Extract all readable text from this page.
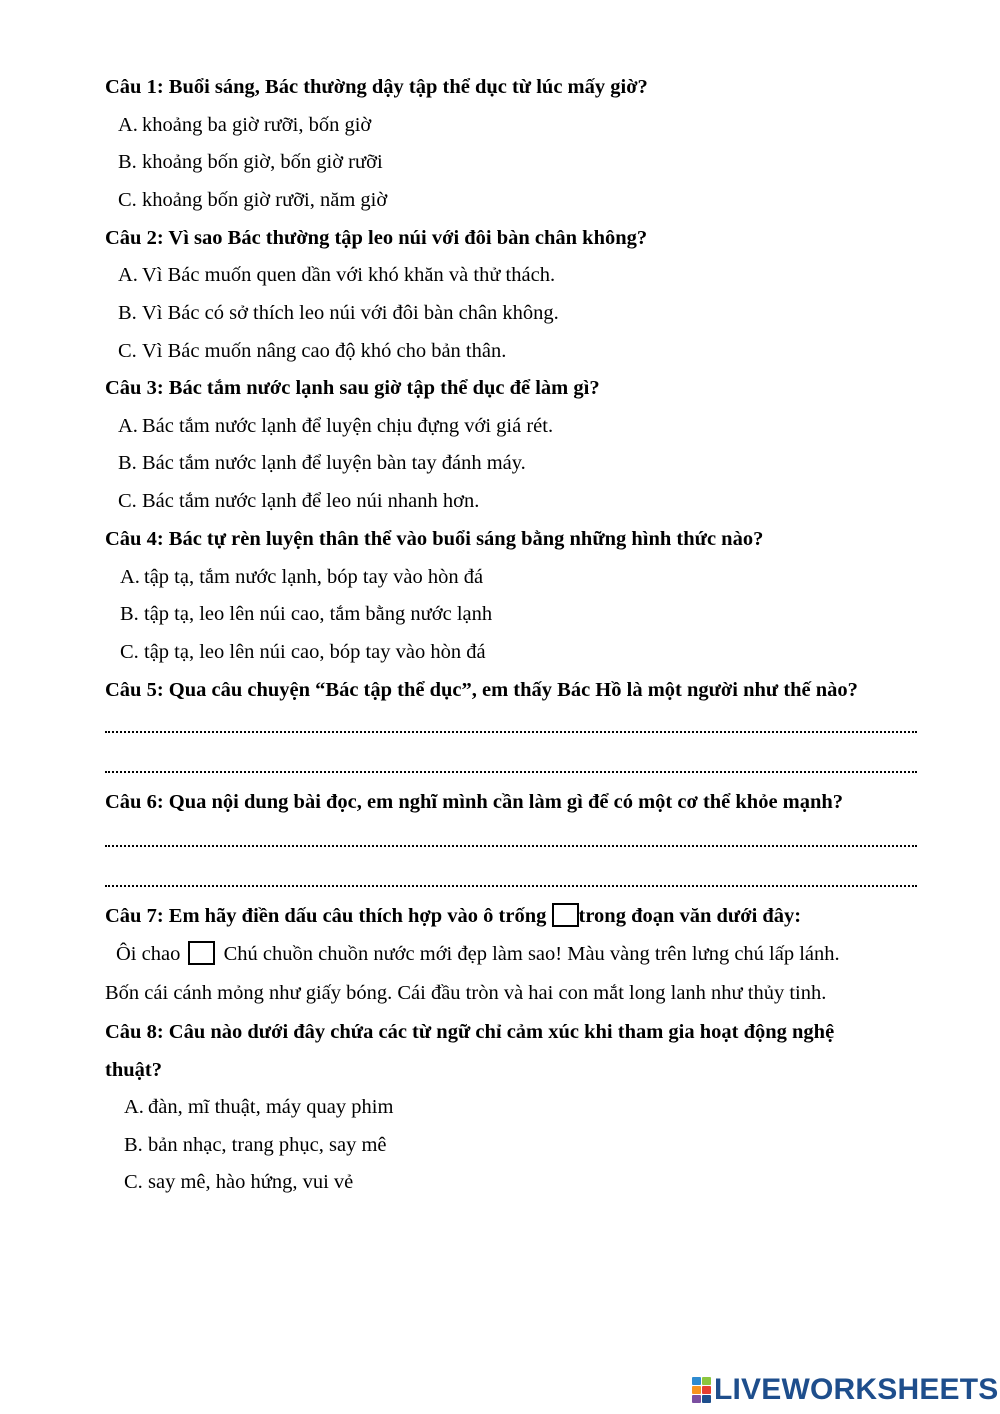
Câu 1: Buổi sáng, Bác thường dậy tập thể dục từ lúc mấy giờ?
A. khoảng ba giờ rưỡi, bốn giờ
B. khoảng bốn giờ, bốn giờ rưỡi
C. khoảng bốn giờ rưỡi, năm giờ
Câu 2: Vì sao Bác thường tập leo núi với đôi bàn chân không?
A. Vì Bác muốn quen dần với khó khăn và thử thách.
B. Vì Bác có sở thích leo núi với đôi bàn chân không.
C. Vì Bác muốn nâng cao độ khó cho bản thân.
Câu 3: Bác tắm nước lạnh sau giờ tập thể dục để làm gì?
A. Bác tắm nước lạnh để luyện chịu đựng với giá rét.
B. Bác tắm nước lạnh để luyện bàn tay đánh máy.
C. Bác tắm nước lạnh để leo núi nhanh hơn.
Câu 4: Bác tự rèn luyện thân thể vào buổi sáng bằng những hình thức nào?
A. tập tạ, tắm nước lạnh, bóp tay vào hòn đá
B. tập tạ, leo lên núi cao, tắm bằng nước lạnh
C. tập tạ, leo lên núi cao, bóp tay vào hòn đá
Câu 5: Qua câu chuyện “Bác tập thể dục”, em thấy Bác Hồ là một người như thế nào?
Câu 6: Qua nội dung bài đọc, em nghĩ mình cần làm gì để có một cơ thể khỏe mạnh?
Câu 7: Em hãy điền dấu câu thích hợp vào ô trống trong đoạn văn dưới đây:
Ôi chao Chú chuồn chuồn nước mới đẹp làm sao! Màu vàng trên lưng chú lấp lánh.
Bốn cái cánh mỏng như giấy bóng. Cái đầu tròn và hai con mắt long lanh như thủy tinh.
Câu 8: Câu nào dưới đây chứa các từ ngữ chỉ cảm xúc khi tham gia hoạt động nghệ
thuật?
A. đàn, mĩ thuật, máy quay phim
B. bản nhạc, trang phục, say mê
C. say mê, hào hứng, vui vẻ
LIVEWORKSHEETS
